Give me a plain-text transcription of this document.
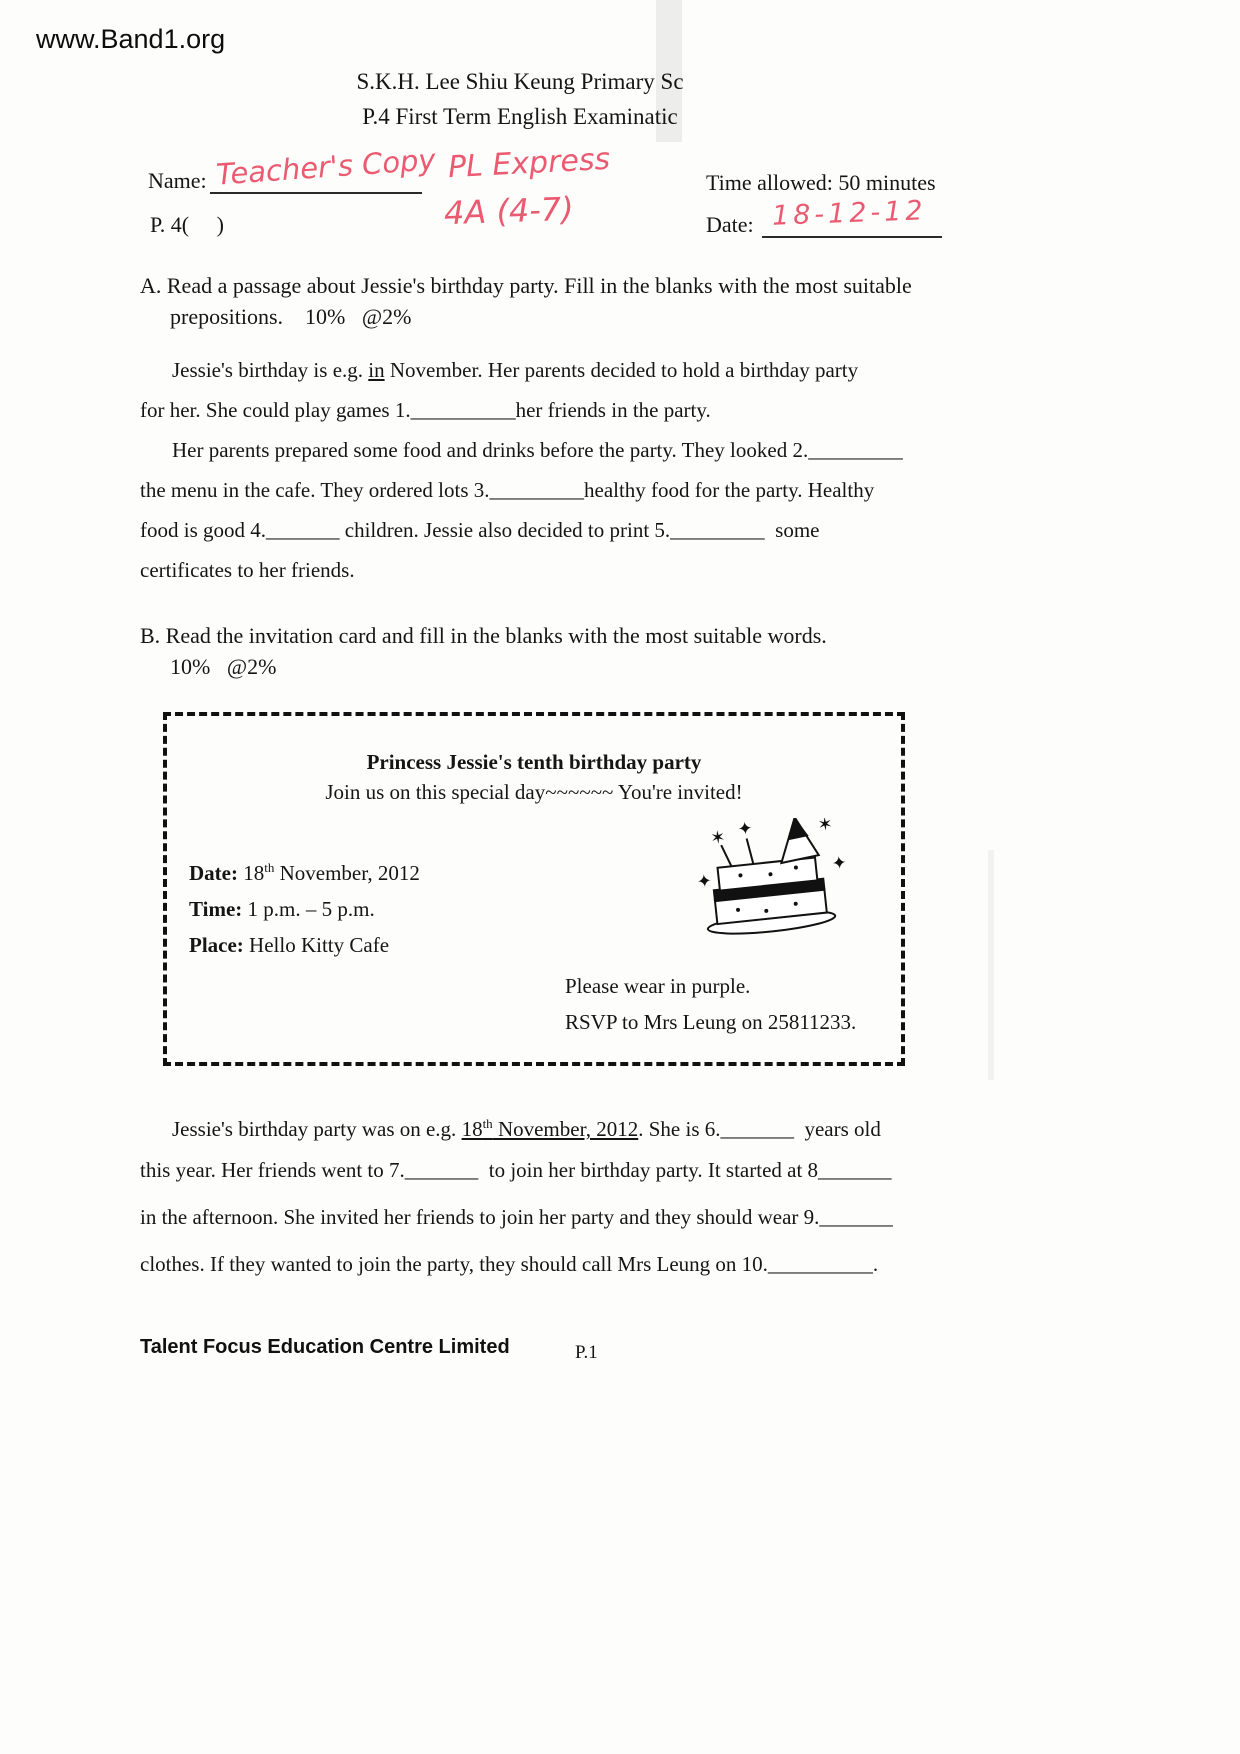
www.Band1.org
S.K.H. Lee Shiu Keung Primary Sc
P.4 First Term English Examinatic
Name: Teacher's Copy PL Express	Time allowed: 50 minutes
P. 4(     )	4A (4-7)	Date: 18-12-12
A. Read a passage about Jessie's birthday party. Fill in the blanks with the most suitable
prepositions.    10%   @2%
Jessie's birthday is e.g. in November. Her parents decided to hold a birthday party
for her. She could play games 1.__________her friends in the party.
Her parents prepared some food and drinks before the party. They looked 2._________
the menu in the cafe. They ordered lots 3._________healthy food for the party. Healthy
food is good 4._______ children. Jessie also decided to print 5._________  some
certificates to her friends.
B. Read the invitation card and fill in the blanks with the most suitable words.
10%   @2%
Princess Jessie's tenth birthday party
Join us on this special day~~~~~~ You're invited!
Date: 18th November, 2012
Time: 1 p.m. – 5 p.m.
Place: Hello Kitty Cafe
✶ ✦	✶
✦
✦
Please wear in purple.
RSVP to Mrs Leung on 25811233.
Jessie's birthday party was on e.g. 18th November, 2012. She is 6._______  years old
this year. Her friends went to 7._______  to join her birthday party. It started at 8_______
in the afternoon. She invited her friends to join her party and they should wear 9._______
clothes. If they wanted to join the party, they should call Mrs Leung on 10.__________.
Talent Focus Education Centre Limited	P.1
